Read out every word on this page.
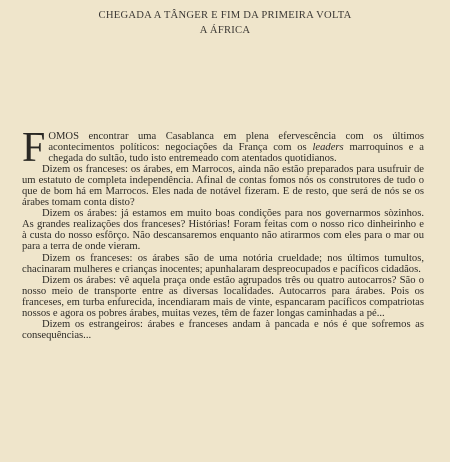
CHEGADA A TÂNGER E FIM DA PRIMEIRA VOLTA
A ÁFRICA

FOMOS encontrar uma Casablanca em plena efervescência com os últimos acontecimentos políticos: negociações da França com os leaders marroquinos e a chegada do sultão, tudo isto entremeado com atentados quotidianos.

Dizem os franceses: os árabes, em Marrocos, ainda não estão preparados para usufruir de um estatuto de completa independência. Afinal de contas fomos nós os construtores de tudo o que de bom há em Marrocos. Eles nada de notável fizeram. E de resto, que será de nós se os árabes tomam conta disto?

Dizem os árabes: já estamos em muito boas condições para nos governarmos sòzinhos. As grandes realizações dos franceses? Histórias! Foram feitas com o nosso rico dinheirinho e à custa do nosso esfôrço. Não descansaremos enquanto não atirarmos com eles para o mar ou para a terra de onde vieram.

Dizem os franceses: os árabes são de uma notória crueldade; nos últimos tumultos, chacinaram mulheres e crianças inocentes; apunhalaram despreocupados e pacíficos cidadãos.

Dizem os árabes: vê aquela praça onde estão agrupados três ou quatro autocarros? São o nosso meio de transporte entre as diversas localidades. Autocarros para árabes. Pois os franceses, em turba enfurecida, incendiaram mais de vinte, espancaram pacíficos compatriotas nossos e agora os pobres árabes, muitas vezes, têm de fazer longas caminhadas a pé...

Dizem os estrangeiros: árabes e franceses andam à pancada e nós é que sofremos as consequências...
